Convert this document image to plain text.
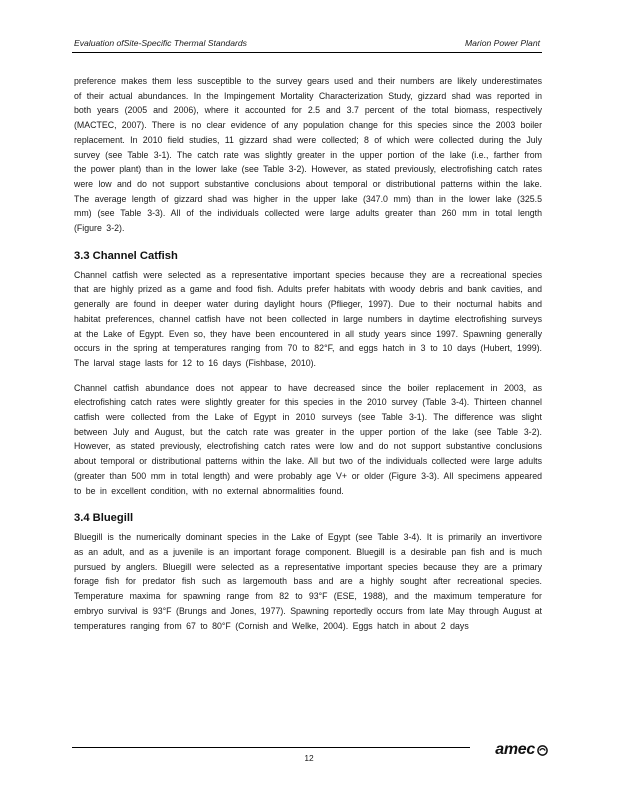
Evaluation ofSite-Specific Thermal Standards	Marion Power Plant

preference makes them less susceptible to the survey gears used and their numbers are likely underestimates of their actual abundances. In the Impingement Mortality Characterization Study, gizzard shad was reported in both years (2005 and 2006), where it accounted for 2.5 and 3.7 percent of the total biomass, respectively (MACTEC, 2007). There is no clear evidence of any population change for this species since the 2003 boiler replacement. In 2010 field studies, 11 gizzard shad were collected; 8 of which were collected during the July survey (see Table 3-1). The catch rate was slightly greater in the upper portion of the lake (i.e., farther from the power plant) than in the lower lake (see Table 3-2). However, as stated previously, electrofishing catch rates were low and do not support substantive conclusions about temporal or distributional patterns within the lake. The average length of gizzard shad was higher in the upper lake (347.0 mm) than in the lower lake (325.5 mm) (see Table 3-3). All of the individuals collected were large adults greater than 260 mm in total length (Figure 3-2).

3.3 Channel Catfish

Channel catfish were selected as a representative important species because they are a recreational species that are highly prized as a game and food fish. Adults prefer habitats with woody debris and bank cavities, and generally are found in deeper water during daylight hours (Pflieger, 1997). Due to their nocturnal habits and habitat preferences, channel catfish have not been collected in large numbers in daytime electrofishing surveys at the Lake of Egypt. Even so, they have been encountered in all study years since 1997. Spawning generally occurs in the spring at temperatures ranging from 70 to 82°F, and eggs hatch in 3 to 10 days (Hubert, 1999). The larval stage lasts for 12 to 16 days (Fishbase, 2010).

Channel catfish abundance does not appear to have decreased since the boiler replacement in 2003, as electrofishing catch rates were slightly greater for this species in the 2010 survey (Table 3-4). Thirteen channel catfish were collected from the Lake of Egypt in 2010 surveys (see Table 3-1). The difference was slight between July and August, but the catch rate was greater in the upper portion of the lake (see Table 3-2). However, as stated previously, electrofishing catch rates were low and do not support substantive conclusions about temporal or distributional patterns within the lake. All but two of the individuals collected were large adults (greater than 500 mm in total length) and were probably age V+ or older (Figure 3-3). All specimens appeared to be in excellent condition, with no external abnormalities found.

3.4 Bluegill

Bluegill is the numerically dominant species in the Lake of Egypt (see Table 3-4). It is primarily an invertivore as an adult, and as a juvenile is an important forage component. Bluegill is a desirable pan fish and is much pursued by anglers. Bluegill were selected as a representative important species because they are a primary forage fish for predator fish such as largemouth bass and are a highly sought after recreational species. Temperature maxima for spawning range from 82 to 93°F (ESE, 1988), and the maximum temperature for embryo survival is 93°F (Brungs and Jones, 1977). Spawning reportedly occurs from late May through August at temperatures ranging from 67 to 80°F (Cornish and Welke, 2004). Eggs hatch in about 2 days

12	amec
